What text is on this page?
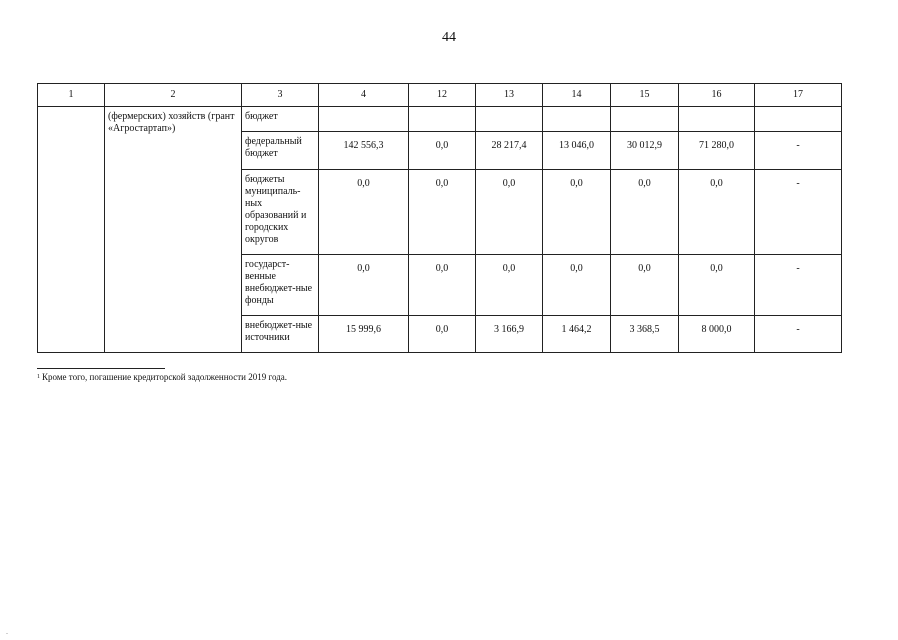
44
1	2	3	4	12	13	14	15	16	17
	(фермерских) хозяйств (грант «Агростартап»)	бюджет							
		федеральный бюджет	142 556,3	0,0	28 217,4	13 046,0	30 012,9	71 280,0	-
		бюджеты муниципаль-ных образований и городских округов	0,0	0,0	0,0	0,0	0,0	0,0	-
		государст-венные внебюджет-ные фонды	0,0	0,0	0,0	0,0	0,0	0,0	-
		внебюджет-ные источники	15 999,6	0,0	3 166,9	1 464,2	3 368,5	8 000,0	-
$^1$ Кроме того, погашение кредиторской задолженности 2019 года.
.
